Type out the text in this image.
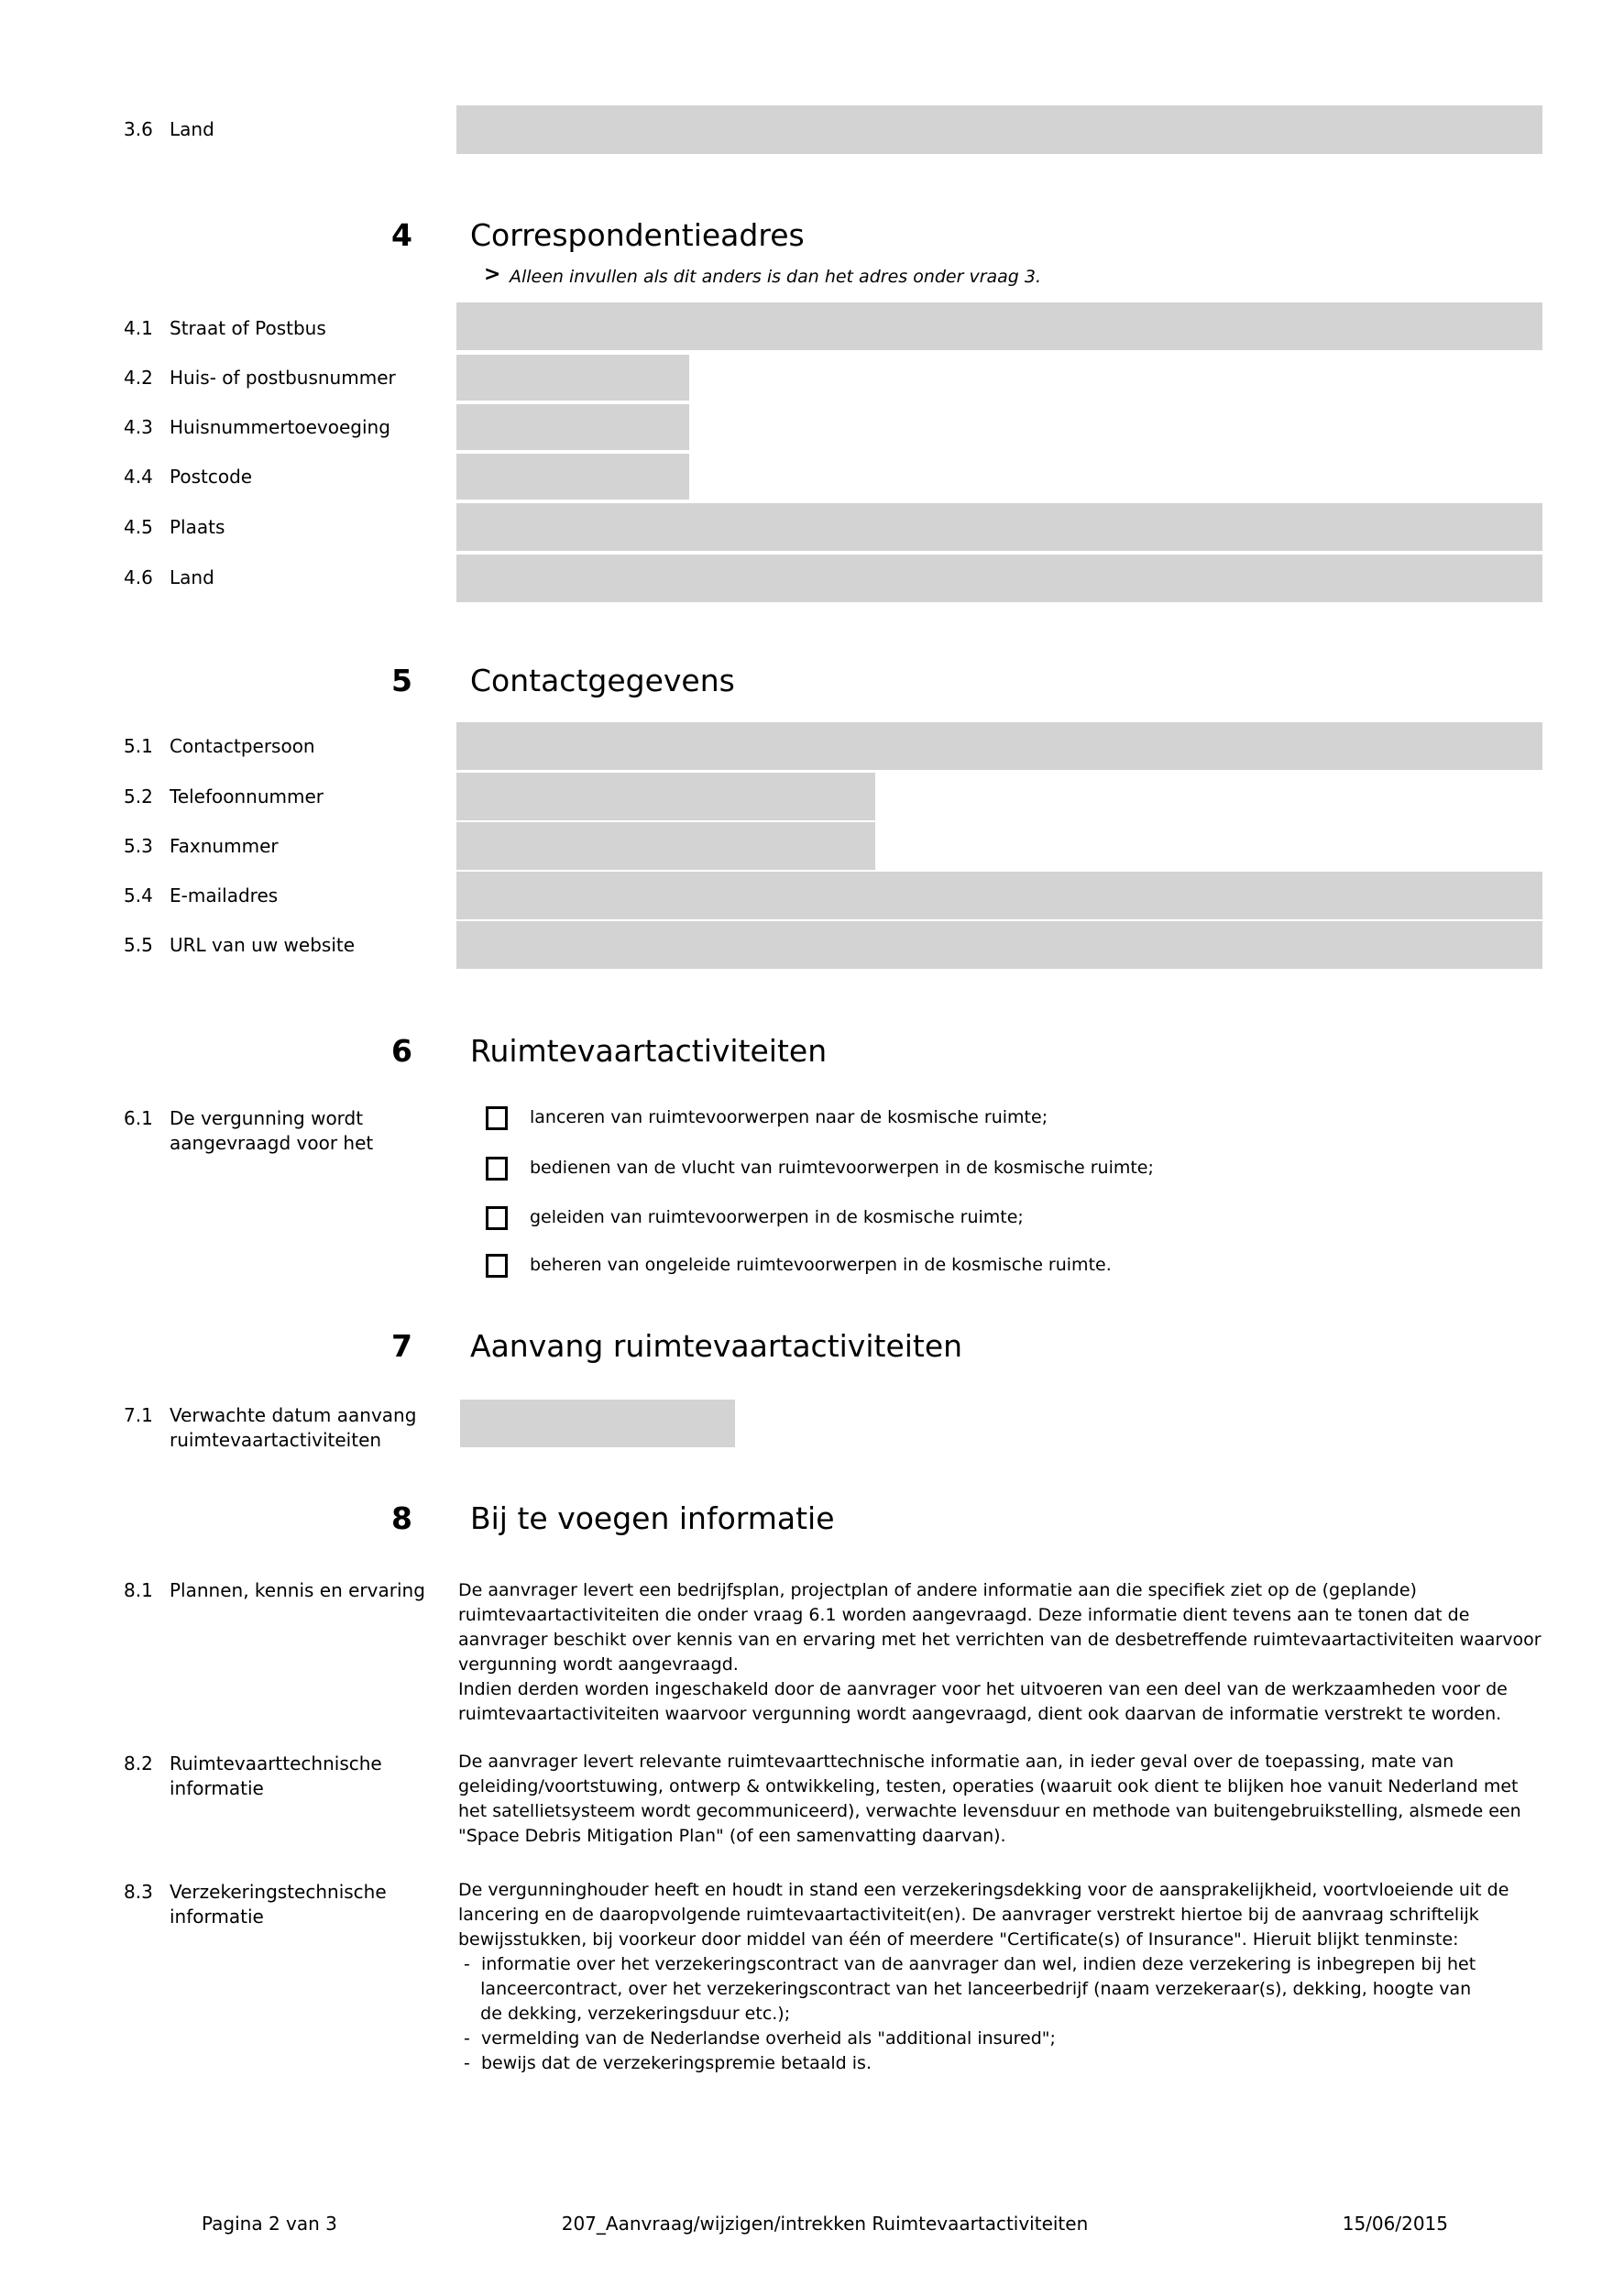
3.6 Land
4 Correspondentieadres
> Alleen invullen als dit anders is dan het adres onder vraag 3.
4.1 Straat of Postbus
4.2 Huis- of postbusnummer
4.3 Huisnummertoevoeging
4.4 Postcode
4.5 Plaats
4.6 Land
5 Contactgegevens
5.1 Contactpersoon
5.2 Telefoonnummer
5.3 Faxnummer
5.4 E-mailadres
5.5 URL van uw website
6 Ruimtevaartactiviteiten
6.1 De vergunning wordt
aangevraagd voor het
lanceren van ruimtevoorwerpen naar de kosmische ruimte;
bedienen van de vlucht van ruimtevoorwerpen in de kosmische ruimte;
geleiden van ruimtevoorwerpen in de kosmische ruimte;
beheren van ongeleide ruimtevoorwerpen in de kosmische ruimte.
7 Aanvang ruimtevaartactiviteiten
7.1 Verwachte datum aanvang
ruimtevaartactiviteiten
8 Bij te voegen informatie
8.1 Plannen, kennis en ervaring De aanvrager levert een bedrijfsplan, projectplan of andere informatie aan die specifiek ziet op de (geplande)
ruimtevaartactiviteiten die onder vraag 6.1 worden aangevraagd. Deze informatie dient tevens aan te tonen dat de
aanvrager beschikt over kennis van en ervaring met het verrichten van de desbetreffende ruimtevaartactiviteiten waarvoor
vergunning wordt aangevraagd.
Indien derden worden ingeschakeld door de aanvrager voor het uitvoeren van een deel van de werkzaamheden voor de
ruimtevaartactiviteiten waarvoor vergunning wordt aangevraagd, dient ook daarvan de informatie verstrekt te worden.
8.2 Ruimtevaarttechnische
informatie
De aanvrager levert relevante ruimtevaarttechnische informatie aan, in ieder geval over de toepassing, mate van
geleiding/voortstuwing, ontwerp & ontwikkeling, testen, operaties (waaruit ook dient te blijken hoe vanuit Nederland met
het satellietsysteem wordt gecommuniceerd), verwachte levensduur en methode van buitengebruikstelling, alsmede een
"Space Debris Mitigation Plan" (of een samenvatting daarvan).
8.3 Verzekeringstechnische
informatie
De vergunninghouder heeft en houdt in stand een verzekeringsdekking voor de aansprakelijkheid, voortvloeiende uit de
lancering en de daaropvolgende ruimtevaartactiviteit(en). De aanvrager verstrekt hiertoe bij de aanvraag schriftelijk
bewijsstukken, bij voorkeur door middel van één of meerdere "Certificate(s) of Insurance". Hieruit blijkt tenminste:
-  informatie over het verzekeringscontract van de aanvrager dan wel, indien deze verzekering is inbegrepen bij het
lanceercontract, over het verzekeringscontract van het lanceerbedrijf (naam verzekeraar(s), dekking, hoogte van
de dekking, verzekeringsduur etc.);
-  vermelding van de Nederlandse overheid als "additional insured";
-  bewijs dat de verzekeringspremie betaald is.
Pagina 2 van 3	207_Aanvraag/wijzigen/intrekken Ruimtevaartactiviteiten	15/06/2015
